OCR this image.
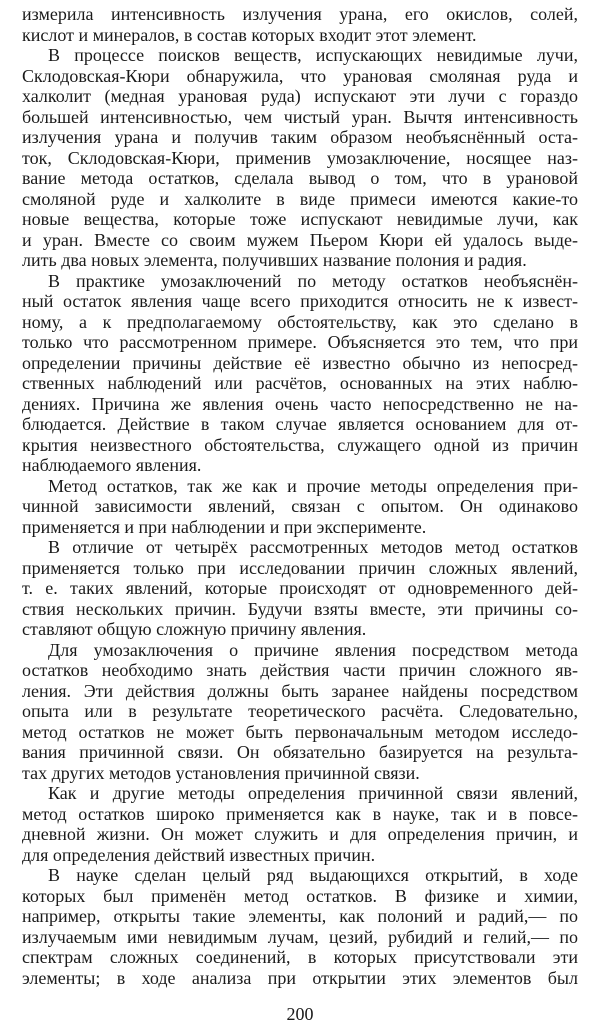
измерила интенсивность излучения урана, его окислов, солей,
кислот и минералов, в состав которых входит этот элемент.
В процессе поисков веществ, испускающих невидимые лучи,
Склодовская-Кюри обнаружила, что урановая смоляная руда и
халколит (медная урановая руда) испускают эти лучи с гораздо
большей интенсивностью, чем чистый уран. Вычтя интенсивность
излучения урана и получив таким образом необъяснённый оста-
ток, Склодовская-Кюри, применив умозаключение, носящее наз-
вание метода остатков, сделала вывод о том, что в урановой
смоляной руде и халколите в виде примеси имеются какие-то
новые вещества, которые тоже испускают невидимые лучи, как
и уран. Вместе со своим мужем Пьером Кюри ей удалось выде-
лить два новых элемента, получивших название полония и радия.
В практике умозаключений по методу остатков необъяснён-
ный остаток явления чаще всего приходится относить не к извест-
ному, а к предполагаемому обстоятельству, как это сделано в
только что рассмотренном примере. Объясняется это тем, что при
определении причины действие её известно обычно из непосред-
ственных наблюдений или расчётов, основанных на этих наблю-
дениях. Причина же явления очень часто непосредственно не на-
блюдается. Действие в таком случае является основанием для от-
крытия неизвестного обстоятельства, служащего одной из причин
наблюдаемого явления.
Метод остатков, так же как и прочие методы определения при-
чинной зависимости явлений, связан с опытом. Он одинаково
применяется и при наблюдении и при эксперименте.
В отличие от четырёх рассмотренных методов метод остатков
применяется только при исследовании причин сложных явлений,
т. е. таких явлений, которые происходят от одновременного дей-
ствия нескольких причин. Будучи взяты вместе, эти причины со-
ставляют общую сложную причину явления.
Для умозаключения о причине явления посредством метода
остатков необходимо знать действия части причин сложного яв-
ления. Эти действия должны быть заранее найдены посредством
опыта или в результате теоретического расчёта. Следовательно,
метод остатков не может быть первоначальным методом исследо-
вания причинной связи. Он обязательно базируется на результа-
тах других методов установления причинной связи.
Как и другие методы определения причинной связи явлений,
метод остатков широко применяется как в науке, так и в повсе-
дневной жизни. Он может служить и для определения причин, и
для определения действий известных причин.
В науке сделан целый ряд выдающихся открытий, в ходе
которых был применён метод остатков. В физике и химии,
например, открыты такие элементы, как полоний и радий,— по
излучаемым ими невидимым лучам, цезий, рубидий и гелий,— по
спектрам сложных соединений, в которых присутствовали эти
элементы; в ходе анализа при открытии этих элементов был
200
